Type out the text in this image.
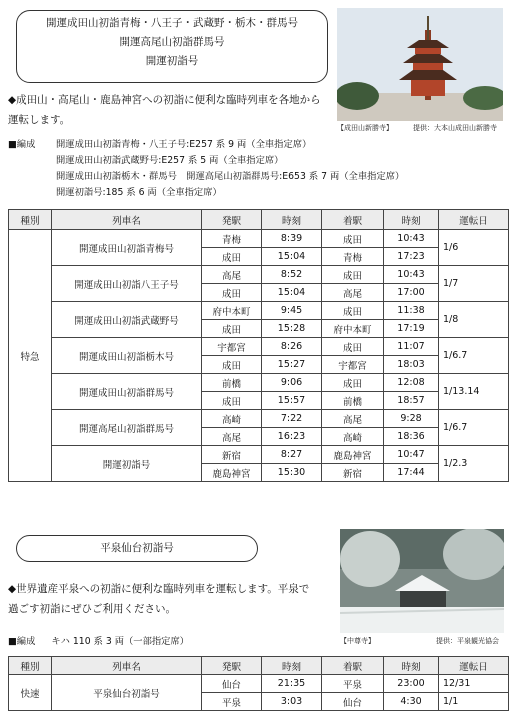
開運成田山初詣青梅・八王子・武蔵野・栃木・群馬号
開運高尾山初詣群馬号
開運初詣号
【成田山新勝寺】	提供：大本山成田山新勝寺
◆成田山・高尾山・鹿島神宮への初詣に便利な臨時列車を各地から
運転します。
■編成 開運成田山初詣青梅・八王子号:E257 系 9 両（全車指定席）
開運成田山初詣武蔵野号:E257 系 5 両（全車指定席）
開運成田山初詣栃木・群馬号　開運高尾山初詣群馬号:E653 系 7 両（全車指定席）
開運初詣号:185 系 6 両（全車指定席）
種別	列車名	発駅	時刻	着駅	時刻	運転日
特急	開運成田山初詣青梅号	青梅	8:39	成田	10:43	1/6
		成田	15:04	青梅	17:23	
	開運成田山初詣八王子号	高尾	8:52	成田	10:43	1/7
		成田	15:04	高尾	17:00	
	開運成田山初詣武蔵野号	府中本町	9:45	成田	11:38	1/8
		成田	15:28	府中本町	17:19	
	開運成田山初詣栃木号	宇都宮	8:26	成田	11:07	1/6.7
		成田	15:27	宇都宮	18:03	
	開運成田山初詣群馬号	前橋	9:06	成田	12:08	1/13.14
		成田	15:57	前橋	18:57	
	開運高尾山初詣群馬号	高崎	7:22	高尾	9:28	1/6.7
		高尾	16:23	高崎	18:36	
	開運初詣号	新宿	8:27	鹿島神宮	10:47	1/2.3
		鹿島神宮	15:30	新宿	17:44	
平泉仙台初詣号
【中尊寺】	提供：平泉観光協会
◆世界遺産平泉への初詣に便利な臨時列車を運転します。平泉で
過ごす初詣にぜひご利用ください。
■編成 キハ 110 系 3 両（一部指定席）
種別	列車名	発駅	時刻	着駅	時刻	運転日
快速	平泉仙台初詣号	仙台	21:35	平泉	23:00	12/31
		平泉	3:03	仙台	4:30	1/1
